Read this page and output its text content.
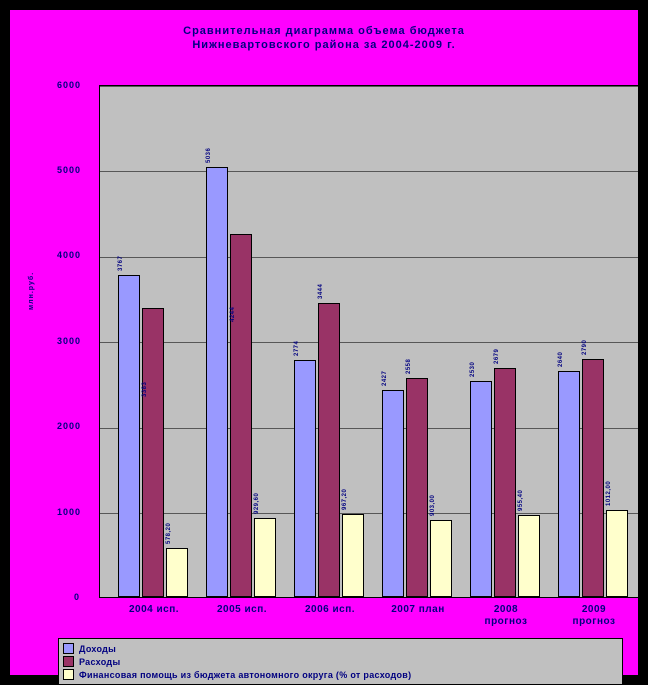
Сравнительная диаграмма объема бюджета
Нижневартовского района за 2004-2009 г.
млн.руб.
6000
5000
4000
3000
2000
1000
0
3767
3383
578,20
5036
4244
929,60
2774
3444
967,20
2427
2558
903,00
2530
2679
955,40
2640
2790
1012,00
2004 исп.	2005 исп.	2006 исп.	2007 план	2008
прогноз
2009
прогноз
Доходы
Расходы
Финансовая помощь из бюджета автономного округа (% от расходов)
